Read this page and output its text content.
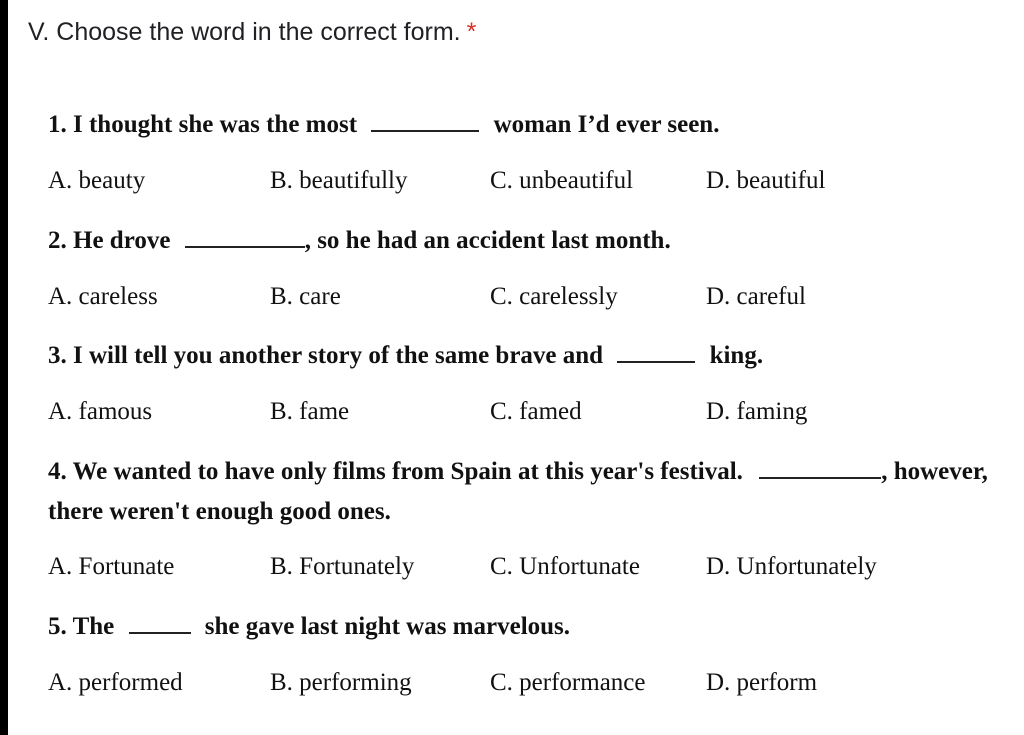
V. Choose the word in the correct form. *
1. I thought she was the most	woman I’d ever seen.
A. beauty	B. beautifully	C. unbeautiful	D. beautiful
2. He drove	, so he had an accident last month.
A. careless	B. care	C. carelessly	D. careful
3. I will tell you another story of the same brave and	king.
A. famous	B. fame	C. famed	D. faming
4. We wanted to have only films from Spain at this year's festival.	, however, there weren't enough good ones.
A. Fortunate	B. Fortunately	C. Unfortunate	D. Unfortunately
5. The	she gave last night was marvelous.
A. performed	B. performing	C. performance D. perform
